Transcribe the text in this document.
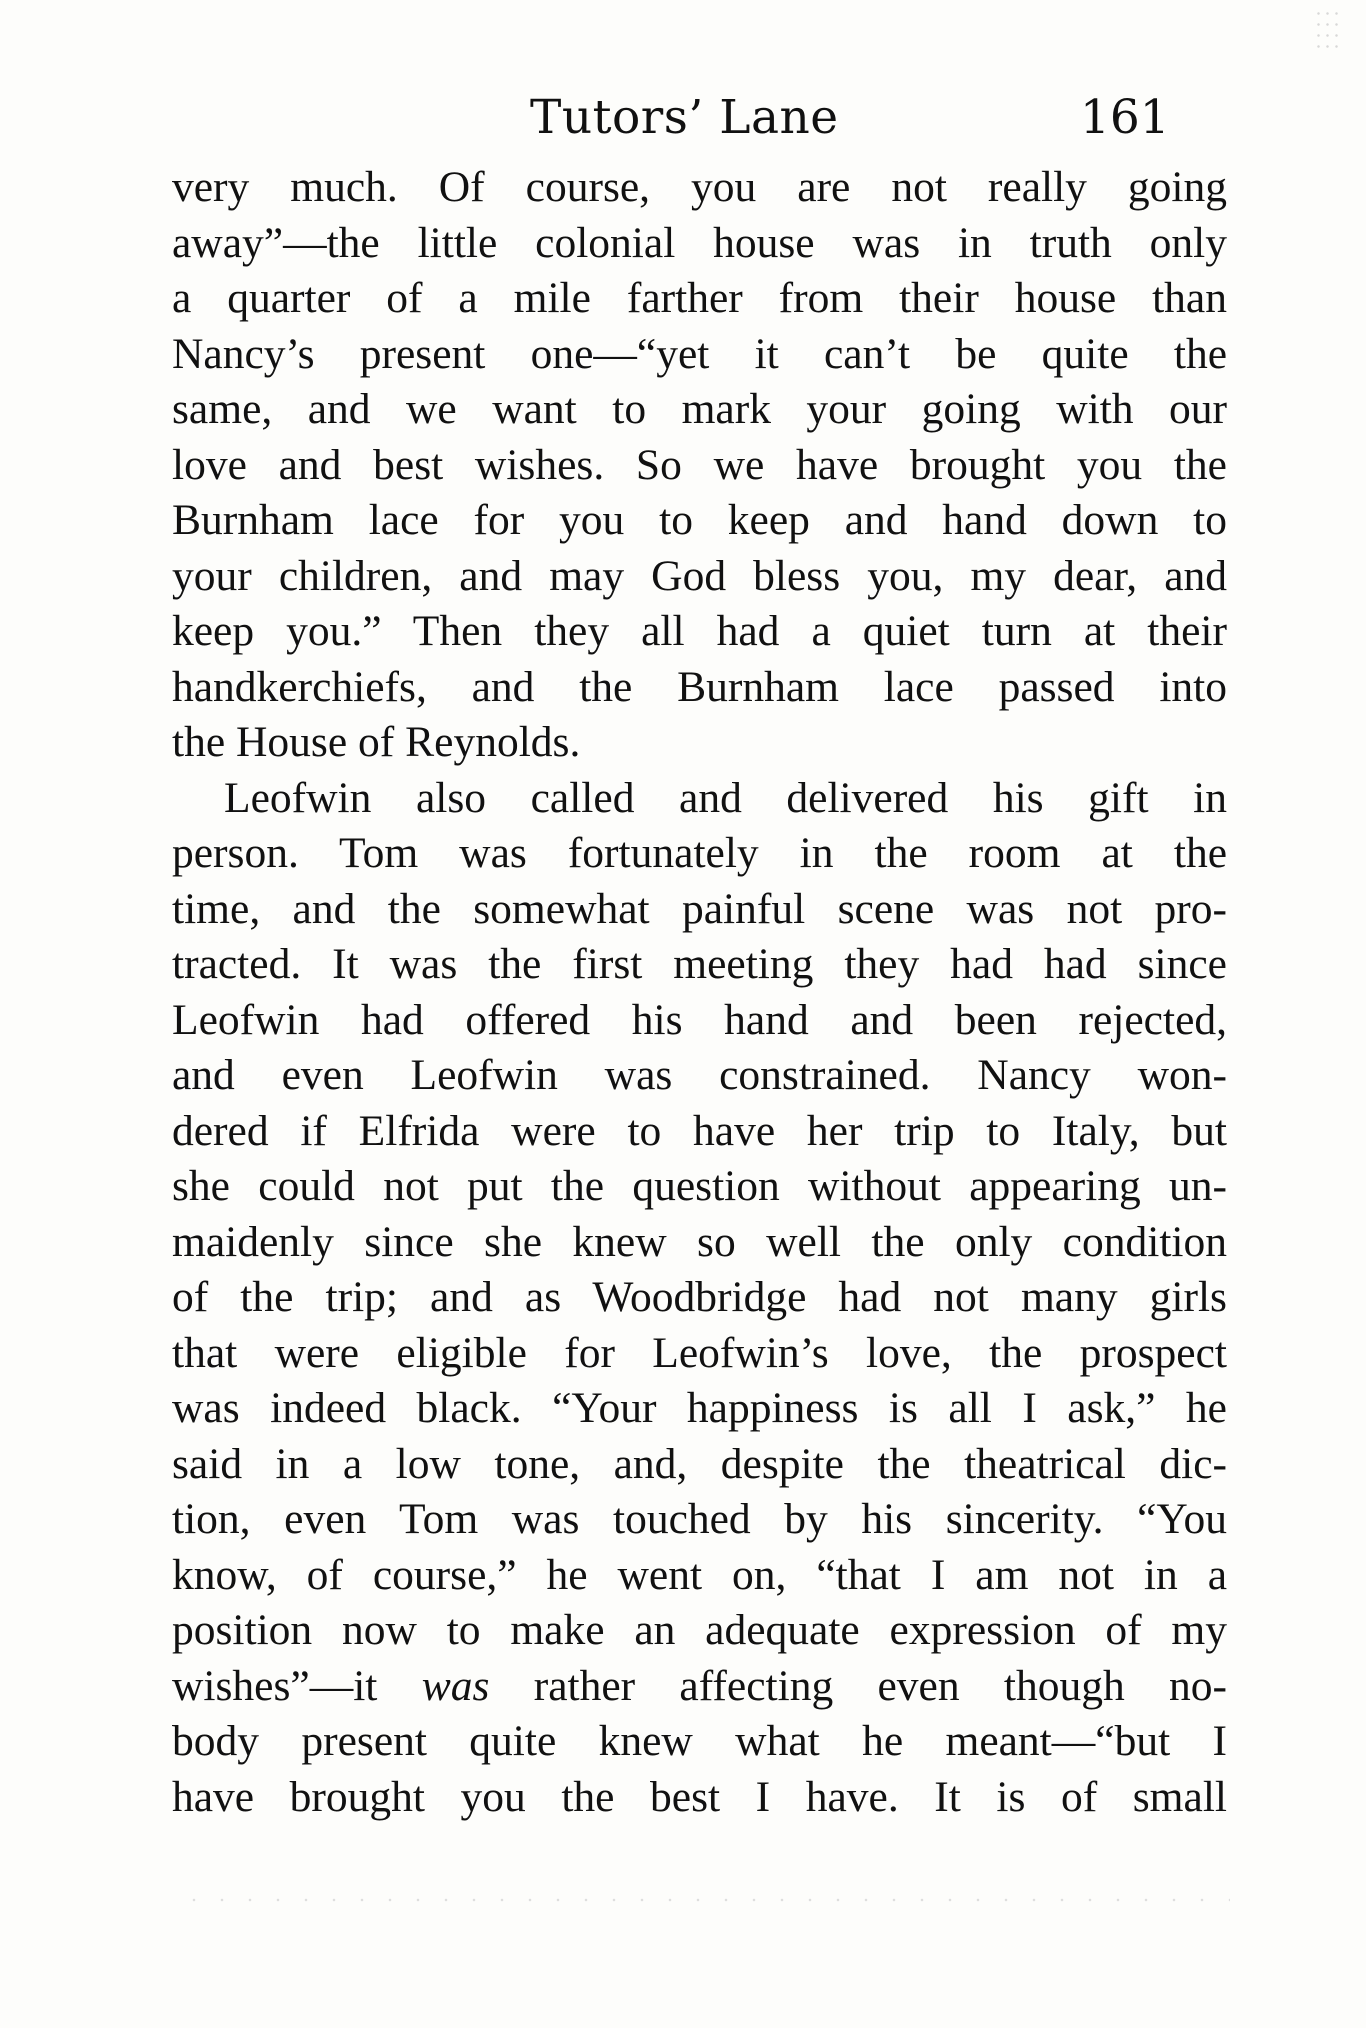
Tutors’ Lane	161
very much. Of course, you are not really going
away”—the little colonial house was in truth only
a quarter of a mile farther from their house than
Nancy’s present one—“yet it can’t be quite the
same, and we want to mark your going with our
love and best wishes. So we have brought you the
Burnham lace for you to keep and hand down to
your children, and may God bless you, my dear, and
keep you.” Then they all had a quiet turn at their
handkerchiefs, and the Burnham lace passed into
the House of Reynolds.
Leofwin also called and delivered his gift in
person. Tom was fortunately in the room at the
time, and the somewhat painful scene was not pro-
tracted. It was the first meeting they had had since
Leofwin had offered his hand and been rejected,
and even Leofwin was constrained. Nancy won-
dered if Elfrida were to have her trip to Italy, but
she could not put the question without appearing un-
maidenly since she knew so well the only condition
of the trip; and as Woodbridge had not many girls
that were eligible for Leofwin’s love, the prospect
was indeed black. “Your happiness is all I ask,” he
said in a low tone, and, despite the theatrical dic-
tion, even Tom was touched by his sincerity. “You
know, of course,” he went on, “that I am not in a
position now to make an adequate expression of my
wishes”—it was rather affecting even though no-
body present quite knew what he meant—“but I
have brought you the best I have. It is of small
